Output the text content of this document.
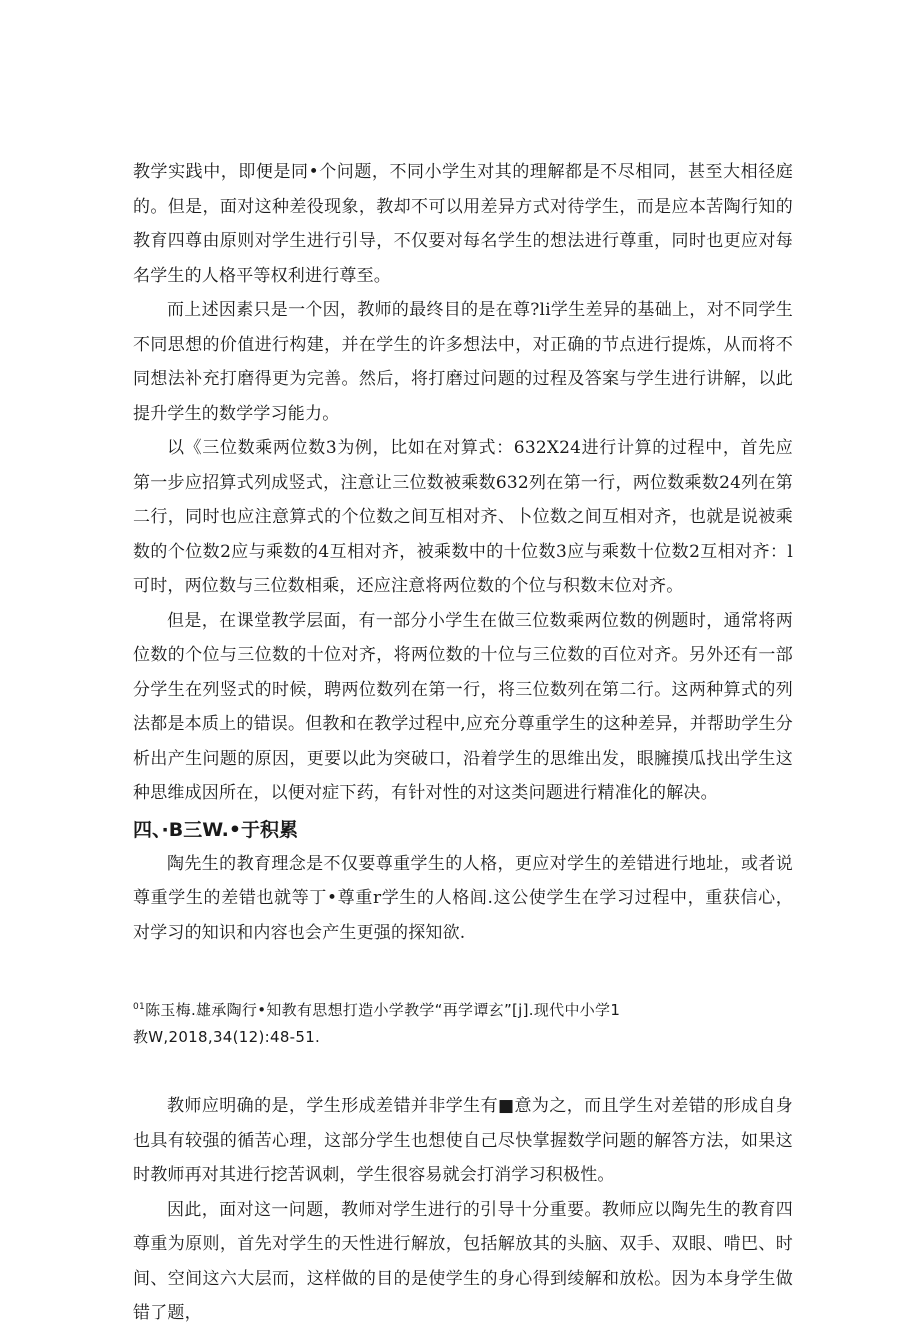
教学实践中，即便是同•个问题，不同小学生对其的理解都是不尽相同，甚至大相径庭的。但是，面对这种差役现象，教却不可以用差异方式对待学生，而是应本苦陶行知的教育四尊由原则对学生进行引导，不仅要对每名学生的想法进行尊重，同时也更应对每名学生的人格平等权利进行尊至。

而上述因素只是一个因，教师的最终目的是在尊?li学生差异的基础上，对不同学生不同思想的价值进行构建，并在学生的许多想法中，对正确的节点进行提炼，从而将不同想法补充打磨得更为完善。然后，将打磨过问题的过程及答案与学生进行讲解，以此提升学生的数学学习能力。

以《三位数乘两位数3为例，比如在对算式：632X24进行计算的过程中，首先应第一步应招算式列成竖式，注意让三位数被乘数632列在第一行，两位数乘数24列在第二行，同时也应注意算式的个位数之间互相对齐、卜位数之间互相对齐，也就是说被乘数的个位数2应与乘数的4互相对齐，被乘数中的十位数3应与乘数十位数2互相对齐：l可时，两位数与三位数相乘，还应注意将两位数的个位与积数末位对齐。

但是，在课堂教学层面，有一部分小学生在做三位数乘两位数的例题时，通常将两位数的个位与三位数的十位对齐，将两位数的十位与三位数的百位对齐。另外还有一部分学生在列竖式的时候，聘两位数列在第一行，将三位数列在第二行。这两种算式的列法都是本质上的错误。但教和在教学过程中,应充分尊重学生的这种差异，并帮助学生分析出产生问题的原因，更要以此为突破口，沿着学生的思维出发，眼臃摸瓜找出学生这种思维成因所在，以便对症下药，有针对性的对这类问题进行精准化的解决。

四、·B三W.•于积累

陶先生的教育理念是不仅要尊重学生的人格，更应对学生的差错进行地址，或者说尊重学生的差错也就等丁•尊重r学生的人格闾.这公使学生在学习过程中，重获信心，对学习的知识和内容也会产生更强的探知欲.

$^{01}$陈玉梅.雄承陶行•知教有思想打造小学教学“再学谭玄”[j].现代中小学1
教W,2018,34(12):48-51.

教师应明确的是，学生形成差错并非学生有■意为之，而且学生对差错的形成自身也具有较强的循苦心理，这部分学生也想使自己尽快掌握数学问题的解答方法，如果这时教师再对其进行挖苦讽刺，学生很容易就会打消学习积极性。

因此，面对这一问题，教师对学生进行的引导十分重要。教师应以陶先生的教育四尊重为原则，首先对学生的天性进行解放，包括解放其的头脑、双手、双眼、啃巴、时间、空间这六大层而，这样做的目的是使学生的身心得到绫解和放松。因为本身学生做错了题，
